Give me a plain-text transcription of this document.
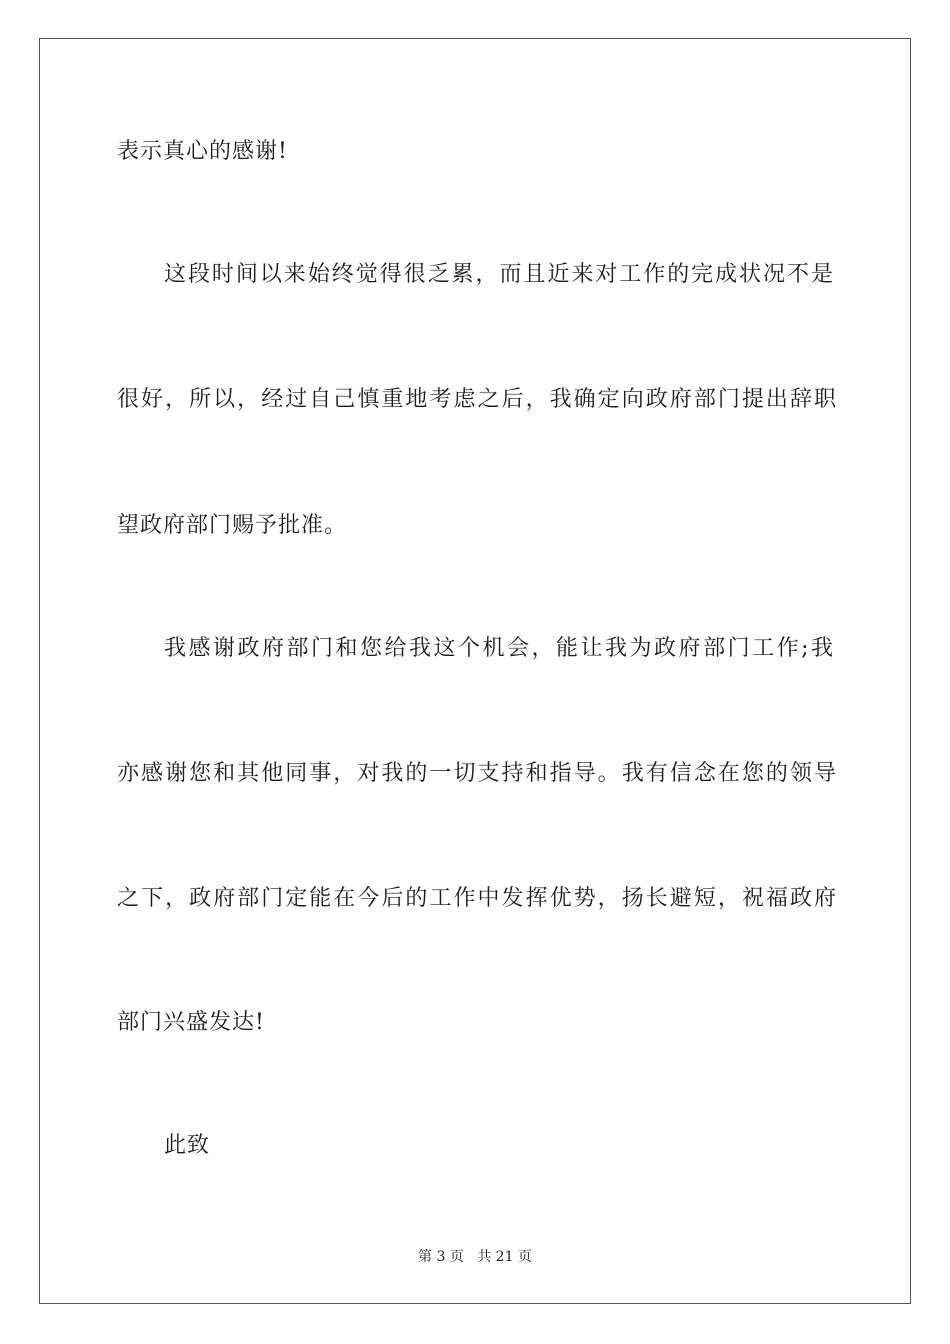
表示真心的感谢!
这段时间以来始终觉得很乏累，而且近来对工作的完成状况不是
很好，所以，经过自己慎重地考虑之后，我确定向政府部门提出辞职
望政府部门赐予批准。
我感谢政府部门和您给我这个机会，能让我为政府部门工作;我
亦感谢您和其他同事，对我的一切支持和指导。我有信念在您的领导
之下，政府部门定能在今后的工作中发挥优势，扬长避短，祝福政府
部门兴盛发达!
此致
第 3 页 共 21 页
